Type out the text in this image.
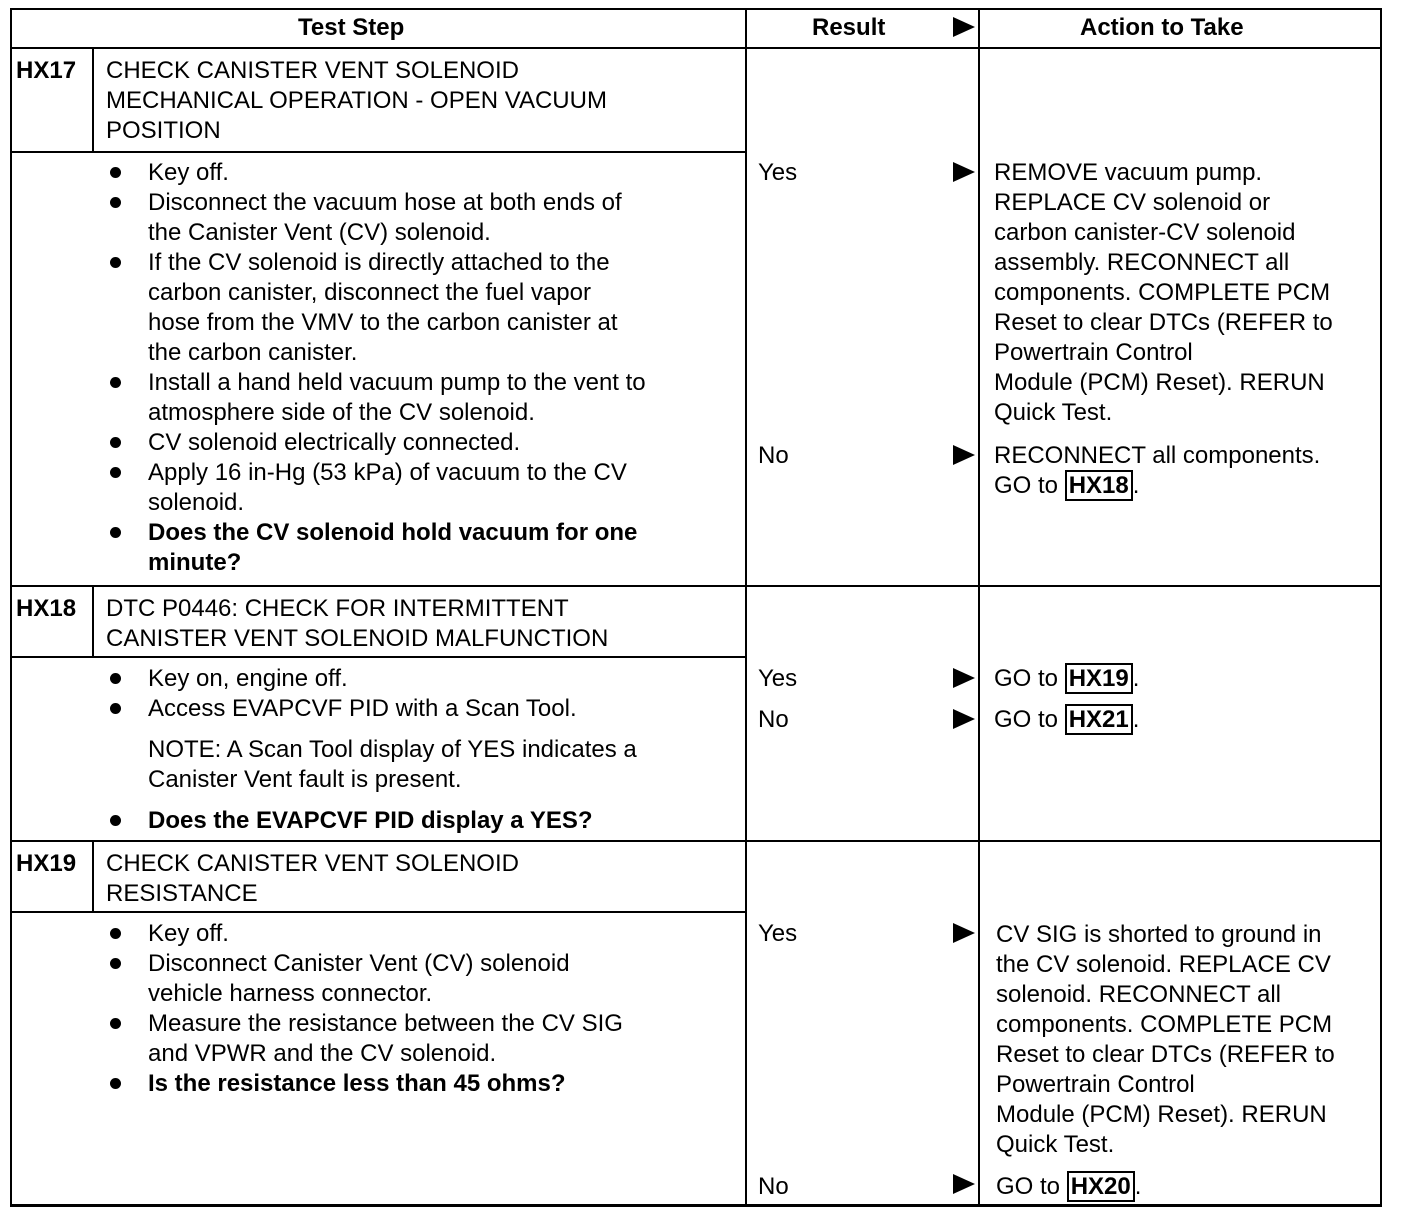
Test Step	Result	Action to Take
HX17 CHECK CANISTER VENT SOLENOID
MECHANICAL OPERATION - OPEN VACUUM
POSITION
Key off.
Disconnect the vacuum hose at both ends of
the Canister Vent (CV) solenoid.
If the CV solenoid is directly attached to the
carbon canister, disconnect the fuel vapor
hose from the VMV to the carbon canister at
the carbon canister.
Install a hand held vacuum pump to the vent to
atmosphere side of the CV solenoid.
CV solenoid electrically connected.
Apply 16 in-Hg (53 kPa) of vacuum to the CV
solenoid.
Does the CV solenoid hold vacuum for one
minute?
Yes	REMOVE vacuum pump.
REPLACE CV solenoid or
carbon canister-CV solenoid
assembly. RECONNECT all
components. COMPLETE PCM
Reset to clear DTCs (REFER to
Powertrain Control
Module (PCM) Reset). RERUN
Quick Test.
No	RECONNECT all components.
GO to HX18 .
HX18 DTC P0446: CHECK FOR INTERMITTENT
CANISTER VENT SOLENOID MALFUNCTION
Key on, engine off.
Access EVAPCVF PID with a Scan Tool.
NOTE: A Scan Tool display of YES indicates a
Canister Vent fault is present.
Does the EVAPCVF PID display a YES?
Yes	GO to HX19 .
No	GO to HX21 .
HX19 CHECK CANISTER VENT SOLENOID
RESISTANCE
Key off.
Disconnect Canister Vent (CV) solenoid
vehicle harness connector.
Measure the resistance between the CV SIG
and VPWR and the CV solenoid.
Is the resistance less than 45 ohms?
Yes	CV SIG is shorted to ground in
the CV solenoid. REPLACE CV
solenoid. RECONNECT all
components. COMPLETE PCM
Reset to clear DTCs (REFER to
Powertrain Control
Module (PCM) Reset). RERUN
Quick Test.
No	GO to HX20 .
